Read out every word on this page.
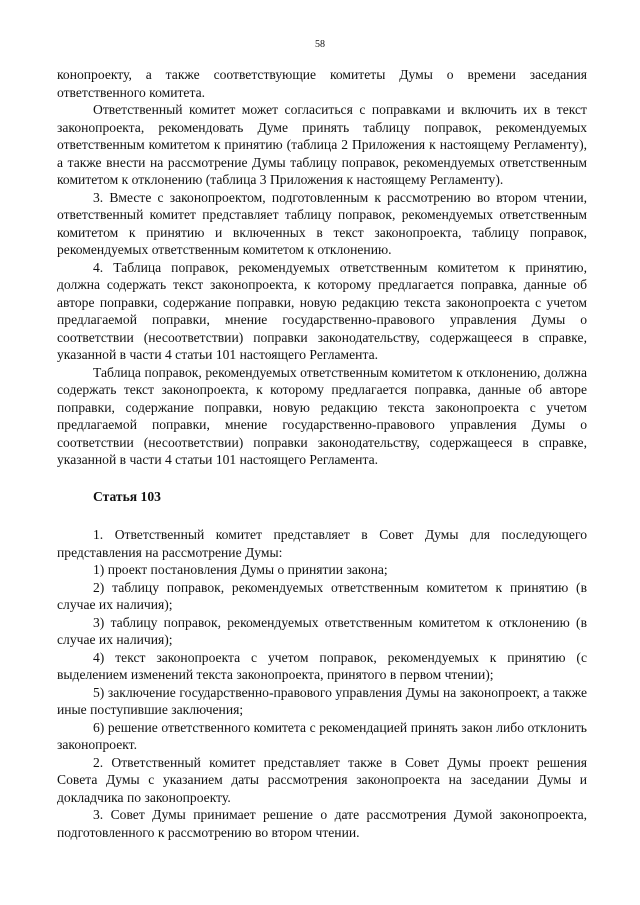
58

конопроекту, а также соответствующие комитеты Думы о времени заседания ответственного комитета.

Ответственный комитет может согласиться с поправками и включить их в текст законопроекта, рекомендовать Думе принять таблицу поправок, рекомендуемых ответственным комитетом к принятию (таблица 2 Приложения к настоящему Регламенту), а также внести на рассмотрение Думы таблицу поправок, рекомендуемых ответственным комитетом к отклонению (таблица 3 Приложения к настоящему Регламенту).

3. Вместе с законопроектом, подготовленным к рассмотрению во втором чтении, ответственный комитет представляет таблицу поправок, рекомендуемых ответственным комитетом к принятию и включенных в текст законопроекта, таблицу поправок, рекомендуемых ответственным комитетом к отклонению.

4. Таблица поправок, рекомендуемых ответственным комитетом к принятию, должна содержать текст законопроекта, к которому предлагается поправка, данные об авторе поправки, содержание поправки, новую редакцию текста законопроекта с учетом предлагаемой поправки, мнение государственно-правового управления Думы о соответствии (несоответствии) поправки законодательству, содержащееся в справке, указанной в части 4 статьи 101 настоящего Регламента.

Таблица поправок, рекомендуемых ответственным комитетом к отклонению, должна содержать текст законопроекта, к которому предлагается поправка, данные об авторе поправки, содержание поправки, новую редакцию текста законопроекта с учетом предлагаемой поправки, мнение государственно-правового управления Думы о соответствии (несоответствии) поправки законодательству, содержащееся в справке, указанной в части 4 статьи 101 настоящего Регламента.

Статья 103

1. Ответственный комитет представляет в Совет Думы для последующего представления на рассмотрение Думы:

1) проект постановления Думы о принятии закона;

2) таблицу поправок, рекомендуемых ответственным комитетом к принятию (в случае их наличия);

3) таблицу поправок, рекомендуемых ответственным комитетом к отклонению (в случае их наличия);

4) текст законопроекта с учетом поправок, рекомендуемых к принятию (с выделением изменений текста законопроекта, принятого в первом чтении);

5) заключение государственно-правового управления Думы на законопроект, а также иные поступившие заключения;

6) решение ответственного комитета с рекомендацией принять закон либо отклонить законопроект.

2. Ответственный комитет представляет также в Совет Думы проект решения Совета Думы с указанием даты рассмотрения законопроекта на заседании Думы и докладчика по законопроекту.

3. Совет Думы принимает решение о дате рассмотрения Думой законопроекта, подготовленного к рассмотрению во втором чтении.
